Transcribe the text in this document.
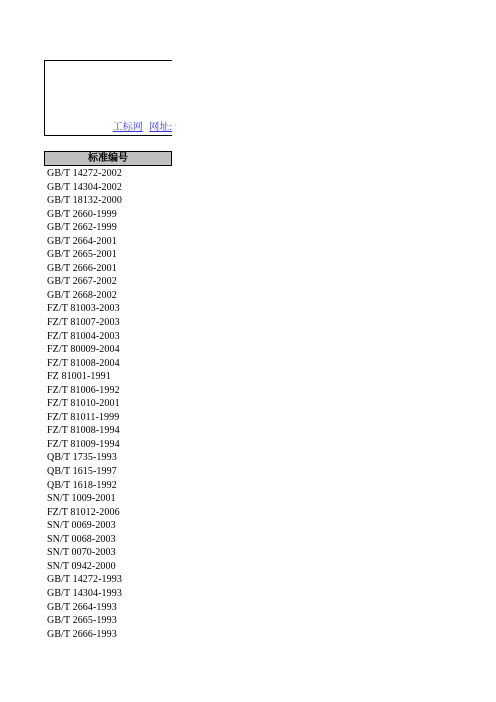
工标网 网址:
标准编号
GB/T 14272-2002
GB/T 14304-2002
GB/T 18132-2000
GB/T 2660-1999
GB/T 2662-1999
GB/T 2664-2001
GB/T 2665-2001
GB/T 2666-2001
GB/T 2667-2002
GB/T 2668-2002
FZ/T 81003-2003
FZ/T 81007-2003
FZ/T 81004-2003
FZ/T 80009-2004
FZ/T 81008-2004
FZ 81001-1991
FZ/T 81006-1992
FZ/T 81010-2001
FZ/T 81011-1999
FZ/T 81008-1994
FZ/T 81009-1994
QB/T 1735-1993
QB/T 1615-1997
QB/T 1618-1992
SN/T 1009-2001
FZ/T 81012-2006
SN/T 0069-2003
SN/T 0068-2003
SN/T 0070-2003
SN/T 0942-2000
GB/T 14272-1993
GB/T 14304-1993
GB/T 2664-1993
GB/T 2665-1993
GB/T 2666-1993
